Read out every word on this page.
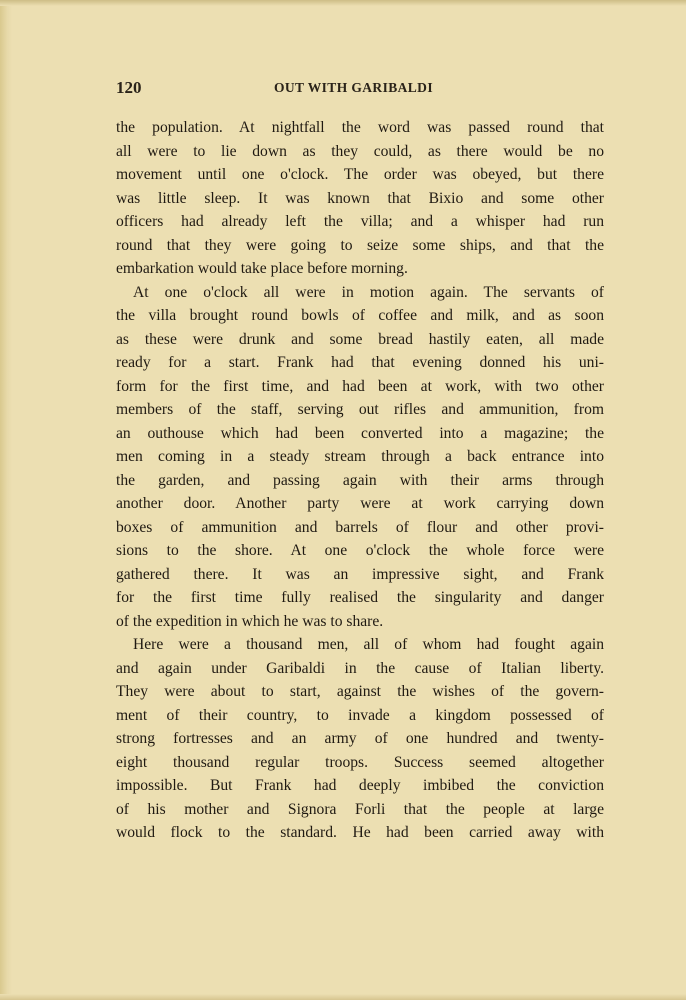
120	OUT WITH GARIBALDI
the population. At nightfall the word was passed round that
all were to lie down as they could, as there would be no
movement until one o'clock. The order was obeyed, but there
was little sleep. It was known that Bixio and some other
officers had already left the villa; and a whisper had run
round that they were going to seize some ships, and that the
embarkation would take place before morning.
At one o'clock all were in motion again. The servants of
the villa brought round bowls of coffee and milk, and as soon
as these were drunk and some bread hastily eaten, all made
ready for a start. Frank had that evening donned his uni-
form for the first time, and had been at work, with two other
members of the staff, serving out rifles and ammunition, from
an outhouse which had been converted into a magazine; the
men coming in a steady stream through a back entrance into
the garden, and passing again with their arms through
another door. Another party were at work carrying down
boxes of ammunition and barrels of flour and other provi-
sions to the shore. At one o'clock the whole force were
gathered there. It was an impressive sight, and Frank
for the first time fully realised the singularity and danger
of the expedition in which he was to share.
Here were a thousand men, all of whom had fought again
and again under Garibaldi in the cause of Italian liberty.
They were about to start, against the wishes of the govern-
ment of their country, to invade a kingdom possessed of
strong fortresses and an army of one hundred and twenty-
eight thousand regular troops. Success seemed altogether
impossible. But Frank had deeply imbibed the conviction
of his mother and Signora Forli that the people at large
would flock to the standard. He had been carried away with
